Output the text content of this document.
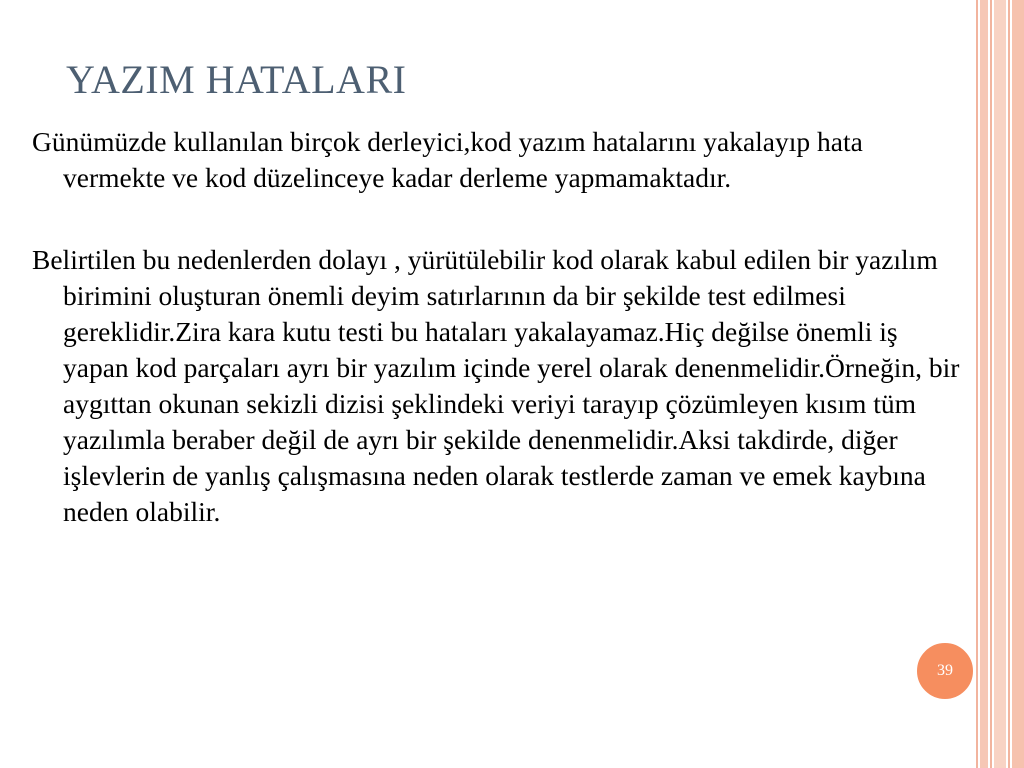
YAZIM HATALARI

Günümüzde kullanılan birçok derleyici,kod yazım hatalarını yakalayıp hata vermekte ve kod düzelinceye kadar derleme yapmamaktadır.

Belirtilen bu nedenlerden dolayı , yürütülebilir kod olarak kabul edilen bir yazılım birimini oluşturan önemli deyim satırlarının da bir şekilde test edilmesi gereklidir.Zira kara kutu testi bu hataları yakalayamaz.Hiç değilse önemli iş yapan kod parçaları ayrı bir yazılım içinde yerel olarak denenmelidir.Örneğin, bir aygıttan okunan sekizli dizisi şeklindeki veriyi tarayıp çözümleyen kısım tüm yazılımla beraber değil de ayrı bir şekilde denenmelidir.Aksi takdirde, diğer işlevlerin de yanlış çalışmasına neden olarak testlerde zaman ve emek kaybına neden olabilir.

39
